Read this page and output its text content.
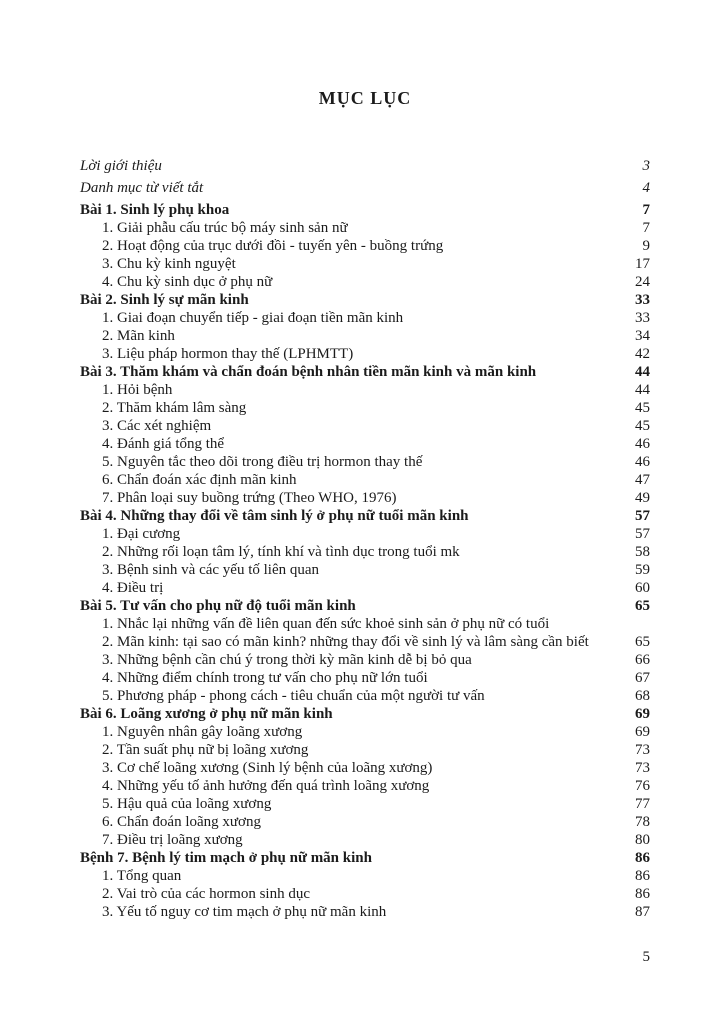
MỤC LỤC
Lời giới thiệu	3
Danh mục từ viết tắt	4
Bài 1. Sinh lý phụ khoa	7
1. Giải phẫu cấu trúc bộ máy sinh sản nữ	7
2. Hoạt động của trục dưới đồi - tuyến yên - buồng trứng	9
3. Chu kỳ kinh nguyệt	17
4. Chu kỳ sinh dục ở phụ nữ	24
Bài 2. Sinh lý sự mãn kinh	33
1. Giai đoạn chuyển tiếp - giai đoạn tiền mãn kinh	33
2. Mãn kinh	34
3. Liệu pháp hormon thay thế (LPHMTT)	42
Bài 3. Thăm khám và chẩn đoán bệnh nhân tiền mãn kinh và mãn kinh	44
1. Hỏi bệnh	44
2. Thăm khám lâm sàng	45
3. Các xét nghiệm	45
4. Đánh giá tổng thể	46
5. Nguyên tắc theo dõi trong điều trị hormon thay thế	46
6. Chẩn đoán xác định mãn kinh	47
7. Phân loại suy buồng trứng (Theo WHO, 1976)	49
Bài 4. Những thay đổi về tâm sinh lý ở phụ nữ tuổi mãn kinh	57
1. Đại cương	57
2. Những rối loạn tâm lý, tính khí và tình dục trong tuổi mk	58
3. Bệnh sinh và các yếu tố liên quan	59
4. Điều trị	60
Bài 5. Tư vấn cho phụ nữ độ tuổi mãn kinh	65
1. Nhắc lại những vấn đề liên quan đến sức khoẻ sinh sản ở phụ nữ có tuổi
2. Mãn kinh: tại sao có mãn kinh? những thay đổi về sinh lý và lâm sàng cần biết	65
3. Những bệnh cần chú ý trong thời kỳ mãn kinh dễ bị bỏ qua	66
4. Những điểm chính trong tư vấn cho phụ nữ lớn tuổi	67
5. Phương pháp - phong cách - tiêu chuẩn của một người tư vấn	68
Bài 6. Loãng xương ở phụ nữ mãn kinh	69
1. Nguyên nhân gây loãng xương	69
2. Tần suất phụ nữ bị loãng xương	73
3. Cơ chế loãng xương (Sinh lý bệnh của loãng xương)	73
4. Những yếu tố ảnh hưởng đến quá trình loãng xương	76
5. Hậu quả của loãng xương	77
6. Chẩn đoán loãng xương	78
7. Điều trị loãng xương	80
Bệnh 7. Bệnh lý tim mạch ở phụ nữ mãn kinh	86
1. Tổng quan	86
2. Vai trò của các hormon sinh dục	86
3. Yếu tố nguy cơ tim mạch ở phụ nữ mãn kinh	87
5
